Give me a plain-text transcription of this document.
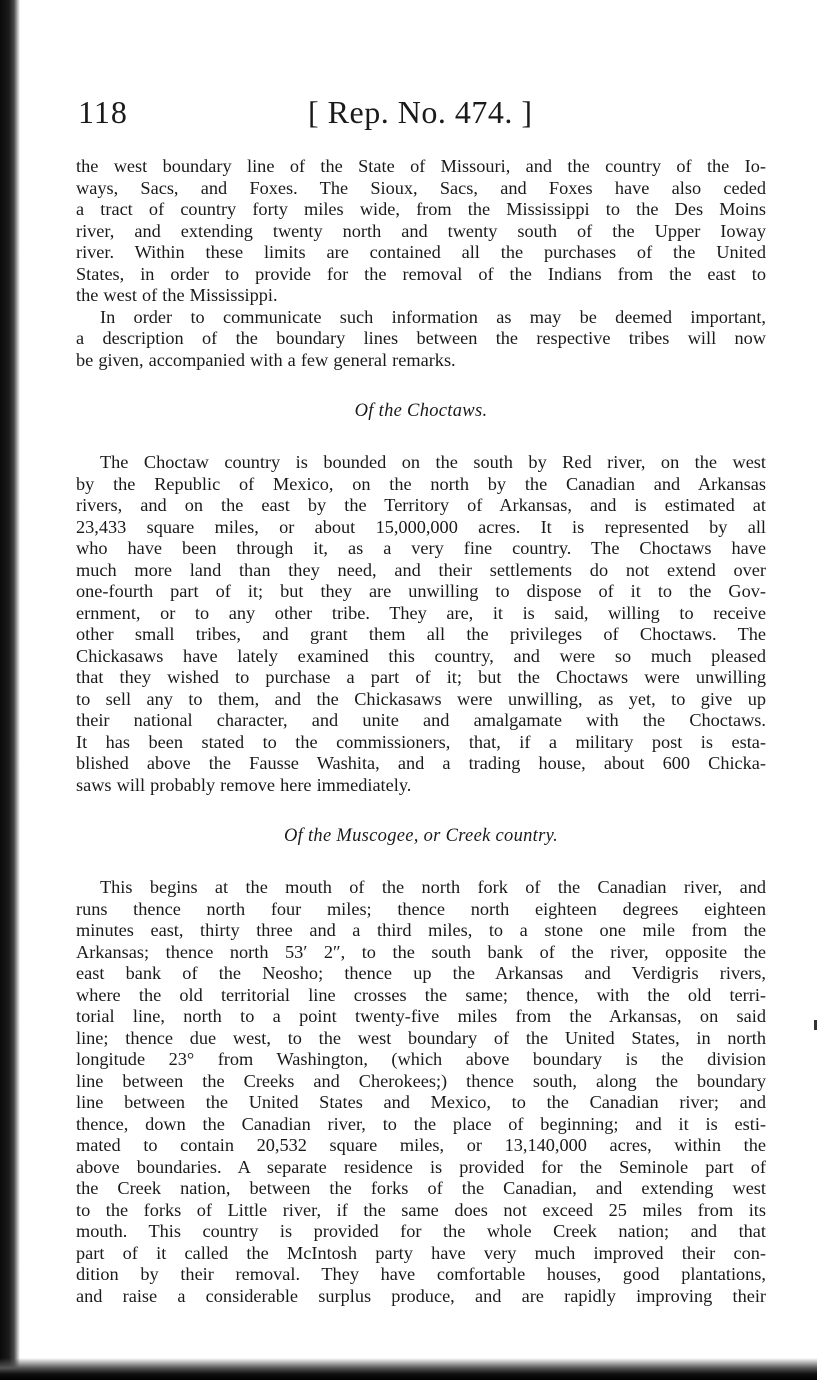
118	[ Rep. No. 474. ]
the west boundary line of the State of Missouri, and the country of the Io-
ways, Sacs, and Foxes. The Sioux, Sacs, and Foxes have also ceded
a tract of country forty miles wide, from the Mississippi to the Des Moins
river, and extending twenty north and twenty south of the Upper Ioway
river. Within these limits are contained all the purchases of the United
States, in order to provide for the removal of the Indians from the east to
the west of the Mississippi.
In order to communicate such information as may be deemed important,
a description of the boundary lines between the respective tribes will now
be given, accompanied with a few general remarks.
Of the Choctaws.
The Choctaw country is bounded on the south by Red river, on the west
by the Republic of Mexico, on the north by the Canadian and Arkansas
rivers, and on the east by the Territory of Arkansas, and is estimated at
23,433 square miles, or about 15,000,000 acres. It is represented by all
who have been through it, as a very fine country. The Choctaws have
much more land than they need, and their settlements do not extend over
one-fourth part of it; but they are unwilling to dispose of it to the Gov-
ernment, or to any other tribe. They are, it is said, willing to receive
other small tribes, and grant them all the privileges of Choctaws. The
Chickasaws have lately examined this country, and were so much pleased
that they wished to purchase a part of it; but the Choctaws were unwilling
to sell any to them, and the Chickasaws were unwilling, as yet, to give up
their national character, and unite and amalgamate with the Choctaws.
It has been stated to the commissioners, that, if a military post is esta-
blished above the Fausse Washita, and a trading house, about 600 Chicka-
saws will probably remove here immediately.
Of the Muscogee, or Creek country.
This begins at the mouth of the north fork of the Canadian river, and
runs thence north four miles; thence north eighteen degrees eighteen
minutes east, thirty three and a third miles, to a stone one mile from the
Arkansas; thence north 53′ 2″, to the south bank of the river, opposite the
east bank of the Neosho; thence up the Arkansas and Verdigris rivers,
where the old territorial line crosses the same; thence, with the old terri-
torial line, north to a point twenty-five miles from the Arkansas, on said
line; thence due west, to the west boundary of the United States, in north
longitude 23° from Washington, (which above boundary is the division
line between the Creeks and Cherokees;) thence south, along the boundary
line between the United States and Mexico, to the Canadian river; and
thence, down the Canadian river, to the place of beginning; and it is esti-
mated to contain 20,532 square miles, or 13,140,000 acres, within the
above boundaries. A separate residence is provided for the Seminole part of
the Creek nation, between the forks of the Canadian, and extending west
to the forks of Little river, if the same does not exceed 25 miles from its
mouth. This country is provided for the whole Creek nation; and that
part of it called the McIntosh party have very much improved their con-
dition by their removal. They have comfortable houses, good plantations,
and raise a considerable surplus produce, and are rapidly improving their
